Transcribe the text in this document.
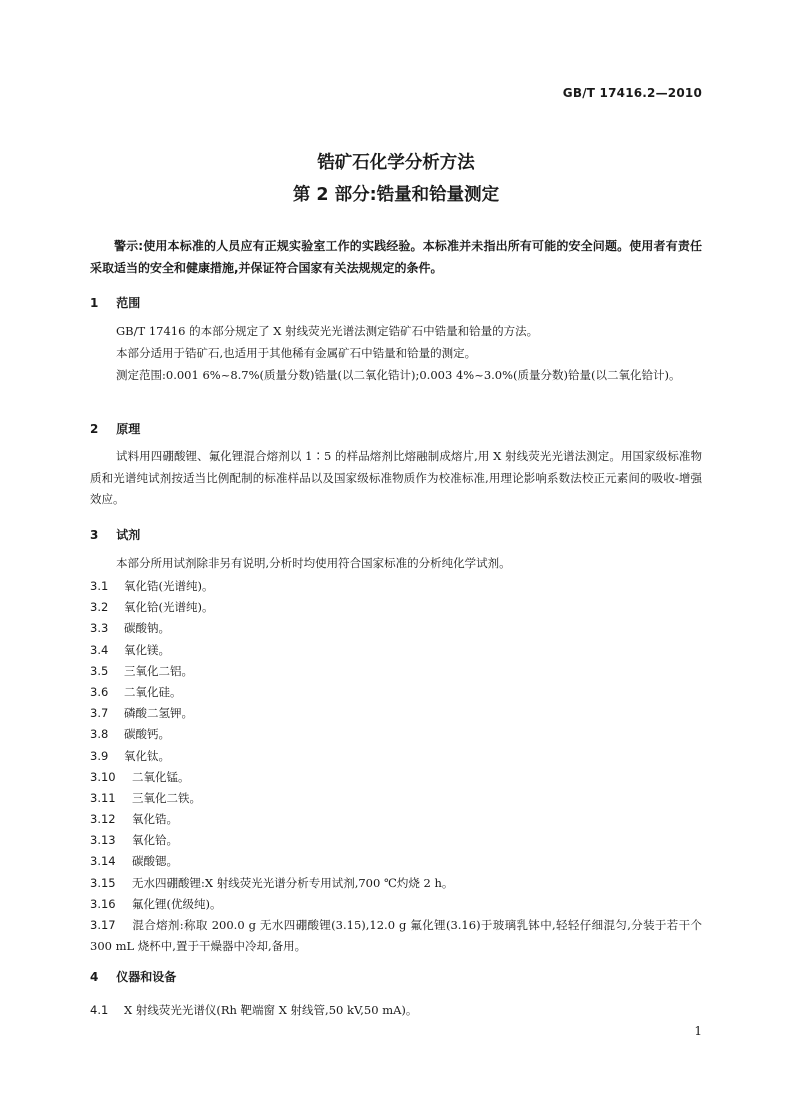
GB/T 17416.2—2010
锆矿石化学分析方法
第 2 部分:锆量和铪量测定
警示:使用本标准的人员应有正规实验室工作的实践经验。本标准并未指出所有可能的安全问题。使用者有责任采取适当的安全和健康措施,并保证符合国家有关法规规定的条件。
1 范围
GB/T 17416 的本部分规定了 X 射线荧光光谱法测定锆矿石中锆量和铪量的方法。
本部分适用于锆矿石,也适用于其他稀有金属矿石中锆量和铪量的测定。
测定范围:0.001 6%~8.7%(质量分数)锆量(以二氧化锆计);0.003 4%~3.0%(质量分数)铪量(以二氧化铪计)。
2 原理
试料用四硼酸锂、氟化锂混合熔剂以 1∶5 的样品熔剂比熔融制成熔片,用 X 射线荧光光谱法测定。用国家级标准物质和光谱纯试剂按适当比例配制的标准样品以及国家级标准物质作为校准标准,用理论影响系数法校正元素间的吸收-增强效应。
3 试剂
本部分所用试剂除非另有说明,分析时均使用符合国家标准的分析纯化学试剂。
3.1 氧化锆(光谱纯)。
3.2 氧化铪(光谱纯)。
3.3 碳酸钠。
3.4 氧化镁。
3.5 三氧化二铝。
3.6 二氧化硅。
3.7 磷酸二氢钾。
3.8 碳酸钙。
3.9 氧化钛。
3.10 二氧化锰。
3.11 三氧化二铁。
3.12 氧化锆。
3.13 氧化铪。
3.14 碳酸锶。
3.15 无水四硼酸锂:X 射线荧光光谱分析专用试剂,700 ℃灼烧 2 h。
3.16 氟化锂(优级纯)。
3.17 混合熔剂:称取 200.0 g 无水四硼酸锂(3.15),12.0 g 氟化锂(3.16)于玻璃乳钵中,轻轻仔细混匀,分装于若干个 300 mL 烧杯中,置于干燥器中冷却,备用。
4 仪器和设备
4.1 X 射线荧光光谱仪(Rh 靶端窗 X 射线管,50 kV,50 mA)。
1
